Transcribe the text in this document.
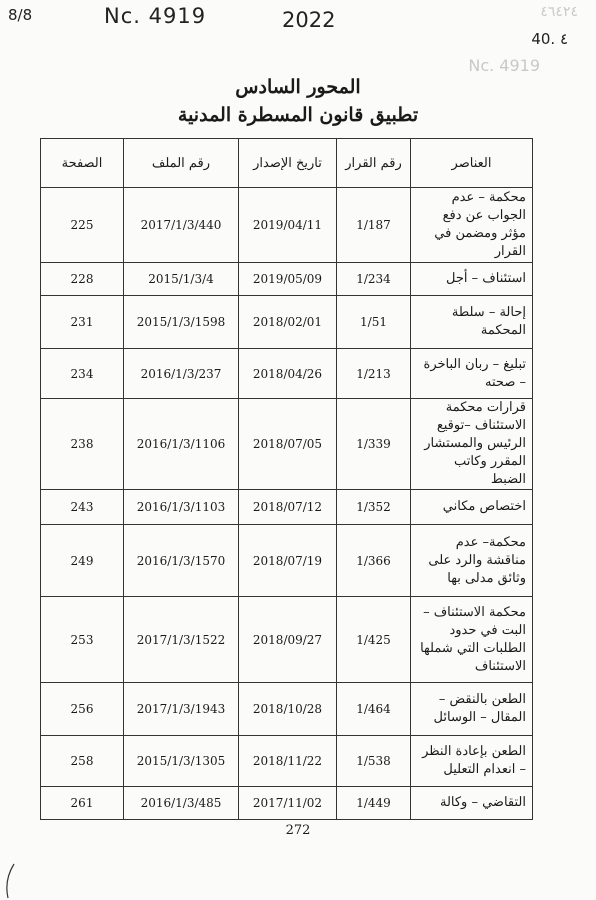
8/8	Nc. 4919	2022
40. ٤
٤٦٤٢٤
Nc. 4919
المحور السادس
تطبيق قانون المسطرة المدنية
العناصر	رقم القرار	تاريخ الإصدار	رقم الملف	الصفحة
محكمة – عدم الجواب عن دفع مؤثر ومضمن في القرار	1/187	2019/04/11	2017/1/3/440	225
استئناف – أجل	1/234	2019/05/09	2015/1/3/4	228
إحالة – سلطة المحكمة	1/51	2018/02/01	2015/1/3/1598	231
تبليغ – ربان الباخرة – صحته	1/213	2018/04/26	2016/1/3/237	234
قرارات محكمة الاستئناف –توقيع الرئيس والمستشار المقرر وكاتب الضبط	1/339	2018/07/05	2016/1/3/1106	238
اختصاص مكاني	1/352	2018/07/12	2016/1/3/1103	243
محكمة– عدم مناقشة والرد على وثائق مدلى بها	1/366	2018/07/19	2016/1/3/1570	249
محكمة الاستئناف – البت في حدود الطلبات التي شملها الاستئناف	1/425	2018/09/27	2017/1/3/1522	253
الطعن بالنقض – المقال – الوسائل	1/464	2018/10/28	2017/1/3/1943	256
الطعن بإعادة النظر – انعدام التعليل	1/538	2018/11/22	2015/1/3/1305	258
التقاضي – وكالة	1/449	2017/11/02	2016/1/3/485	261
272
